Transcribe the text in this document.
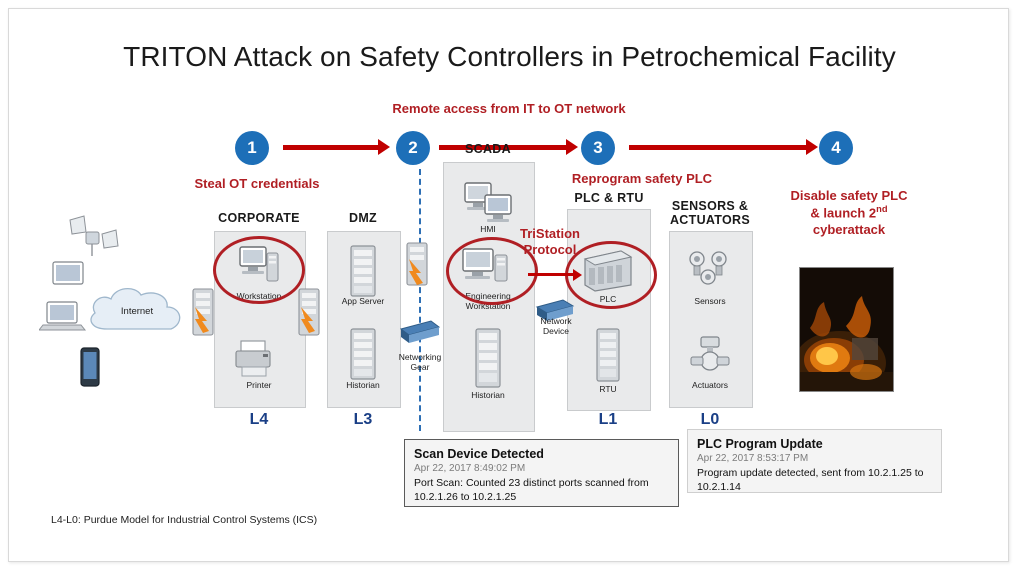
TRITON Attack on Safety Controllers in Petrochemical Facility
Remote access from IT to OT network
1	2	3	4
Steal OT credentials	Reprogram safety PLC
Disable safety PLC
& launch 2nd
cyberattack
SCADA
HMI
Historian
CORPORATE
Workstation
Printer
L4
DMZ
App Server
Historian
L3
PLC & RTU
PLC
RTU
L1
SENSORS &
ACTUATORS
Sensors
Actuators
L0
Internet
Networking
Gear
Engineering
Workstation
Network
Device
TriStation
Protocol
Scan Device Detected
Apr 22, 2017 8:49:02 PM
Port Scan: Counted 23 distinct ports scanned from 10.2.1.26 to 10.2.1.25
PLC Program Update
Apr 22, 2017 8:53:17 PM
Program update detected, sent from 10.2.1.25 to 10.2.1.14
L4-L0: Purdue Model for Industrial Control Systems (ICS)
